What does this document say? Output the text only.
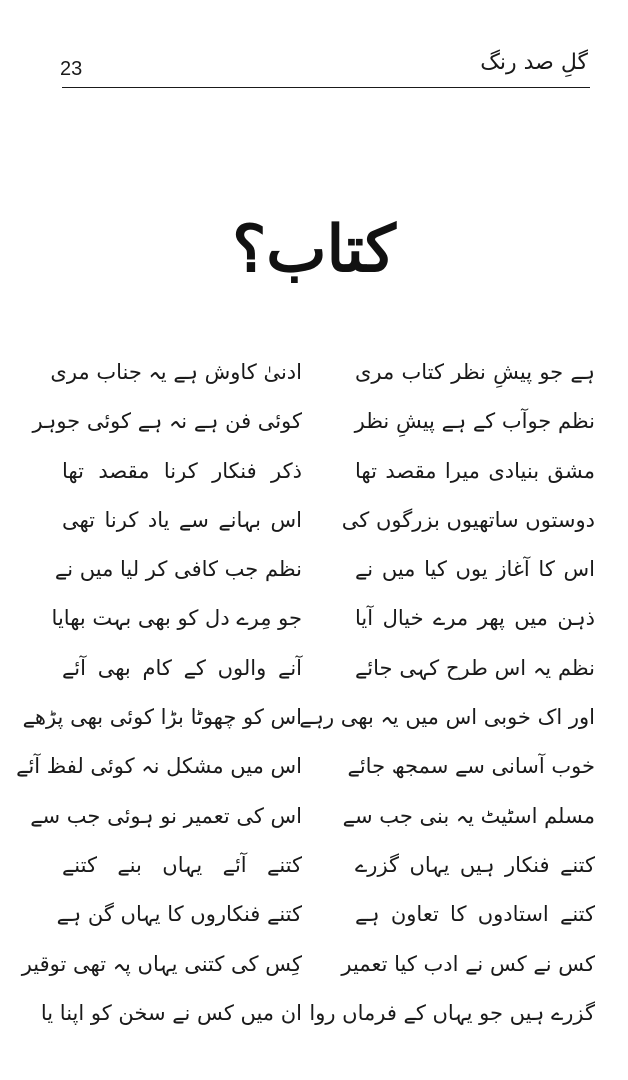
23	گلِ صد رنگ
کتاب؟
ہے جو پیشِ نظر کتاب مری
نظم جوآب کے ہے پیشِ نظر
مشق بنیادی میرا مقصد تھا
دوستوں ساتھیوں بزرگوں کی
اس کا آغاز یوں کیا میں نے
ذہن میں پھر مرے خیال آیا
نظم یہ اس طرح کہی جائے
اور اک خوبی اس میں یہ بھی رہے
خوب آسانی سے سمجھ جائے
مسلم اسٹیٹ یہ بنی جب سے
کتنے فنکار ہیں یہاں گزرے
کتنے استادوں کا تعاون ہے
کس نے کس نے ادب کیا تعمیر
گزرے ہیں جو یہاں کے فرماں روا
ادنیٰ کاوش ہے یہ جناب مری
کوئی فن ہے نہ ہے کوئی جوہر
ذکر فنکار کرنا مقصد تھا
اس بہانے سے یاد کرنا تھی
نظم جب کافی کر لیا میں نے
جو مِرے دل کو بھی بہت بھایا
آنے والوں کے کام بھی آئے
اس کو چھوٹا بڑا کوئی بھی پڑھے
اس میں مشکل نہ کوئی لفظ آئے
اس کی تعمیر نو ہوئی جب سے
کتنے آئے یہاں بنے کتنے
کتنے فنکاروں کا یہاں گن ہے
کِس کی کتنی یہاں پہ تھی توقیر
ان میں کس نے سخن کو اپنا یا
